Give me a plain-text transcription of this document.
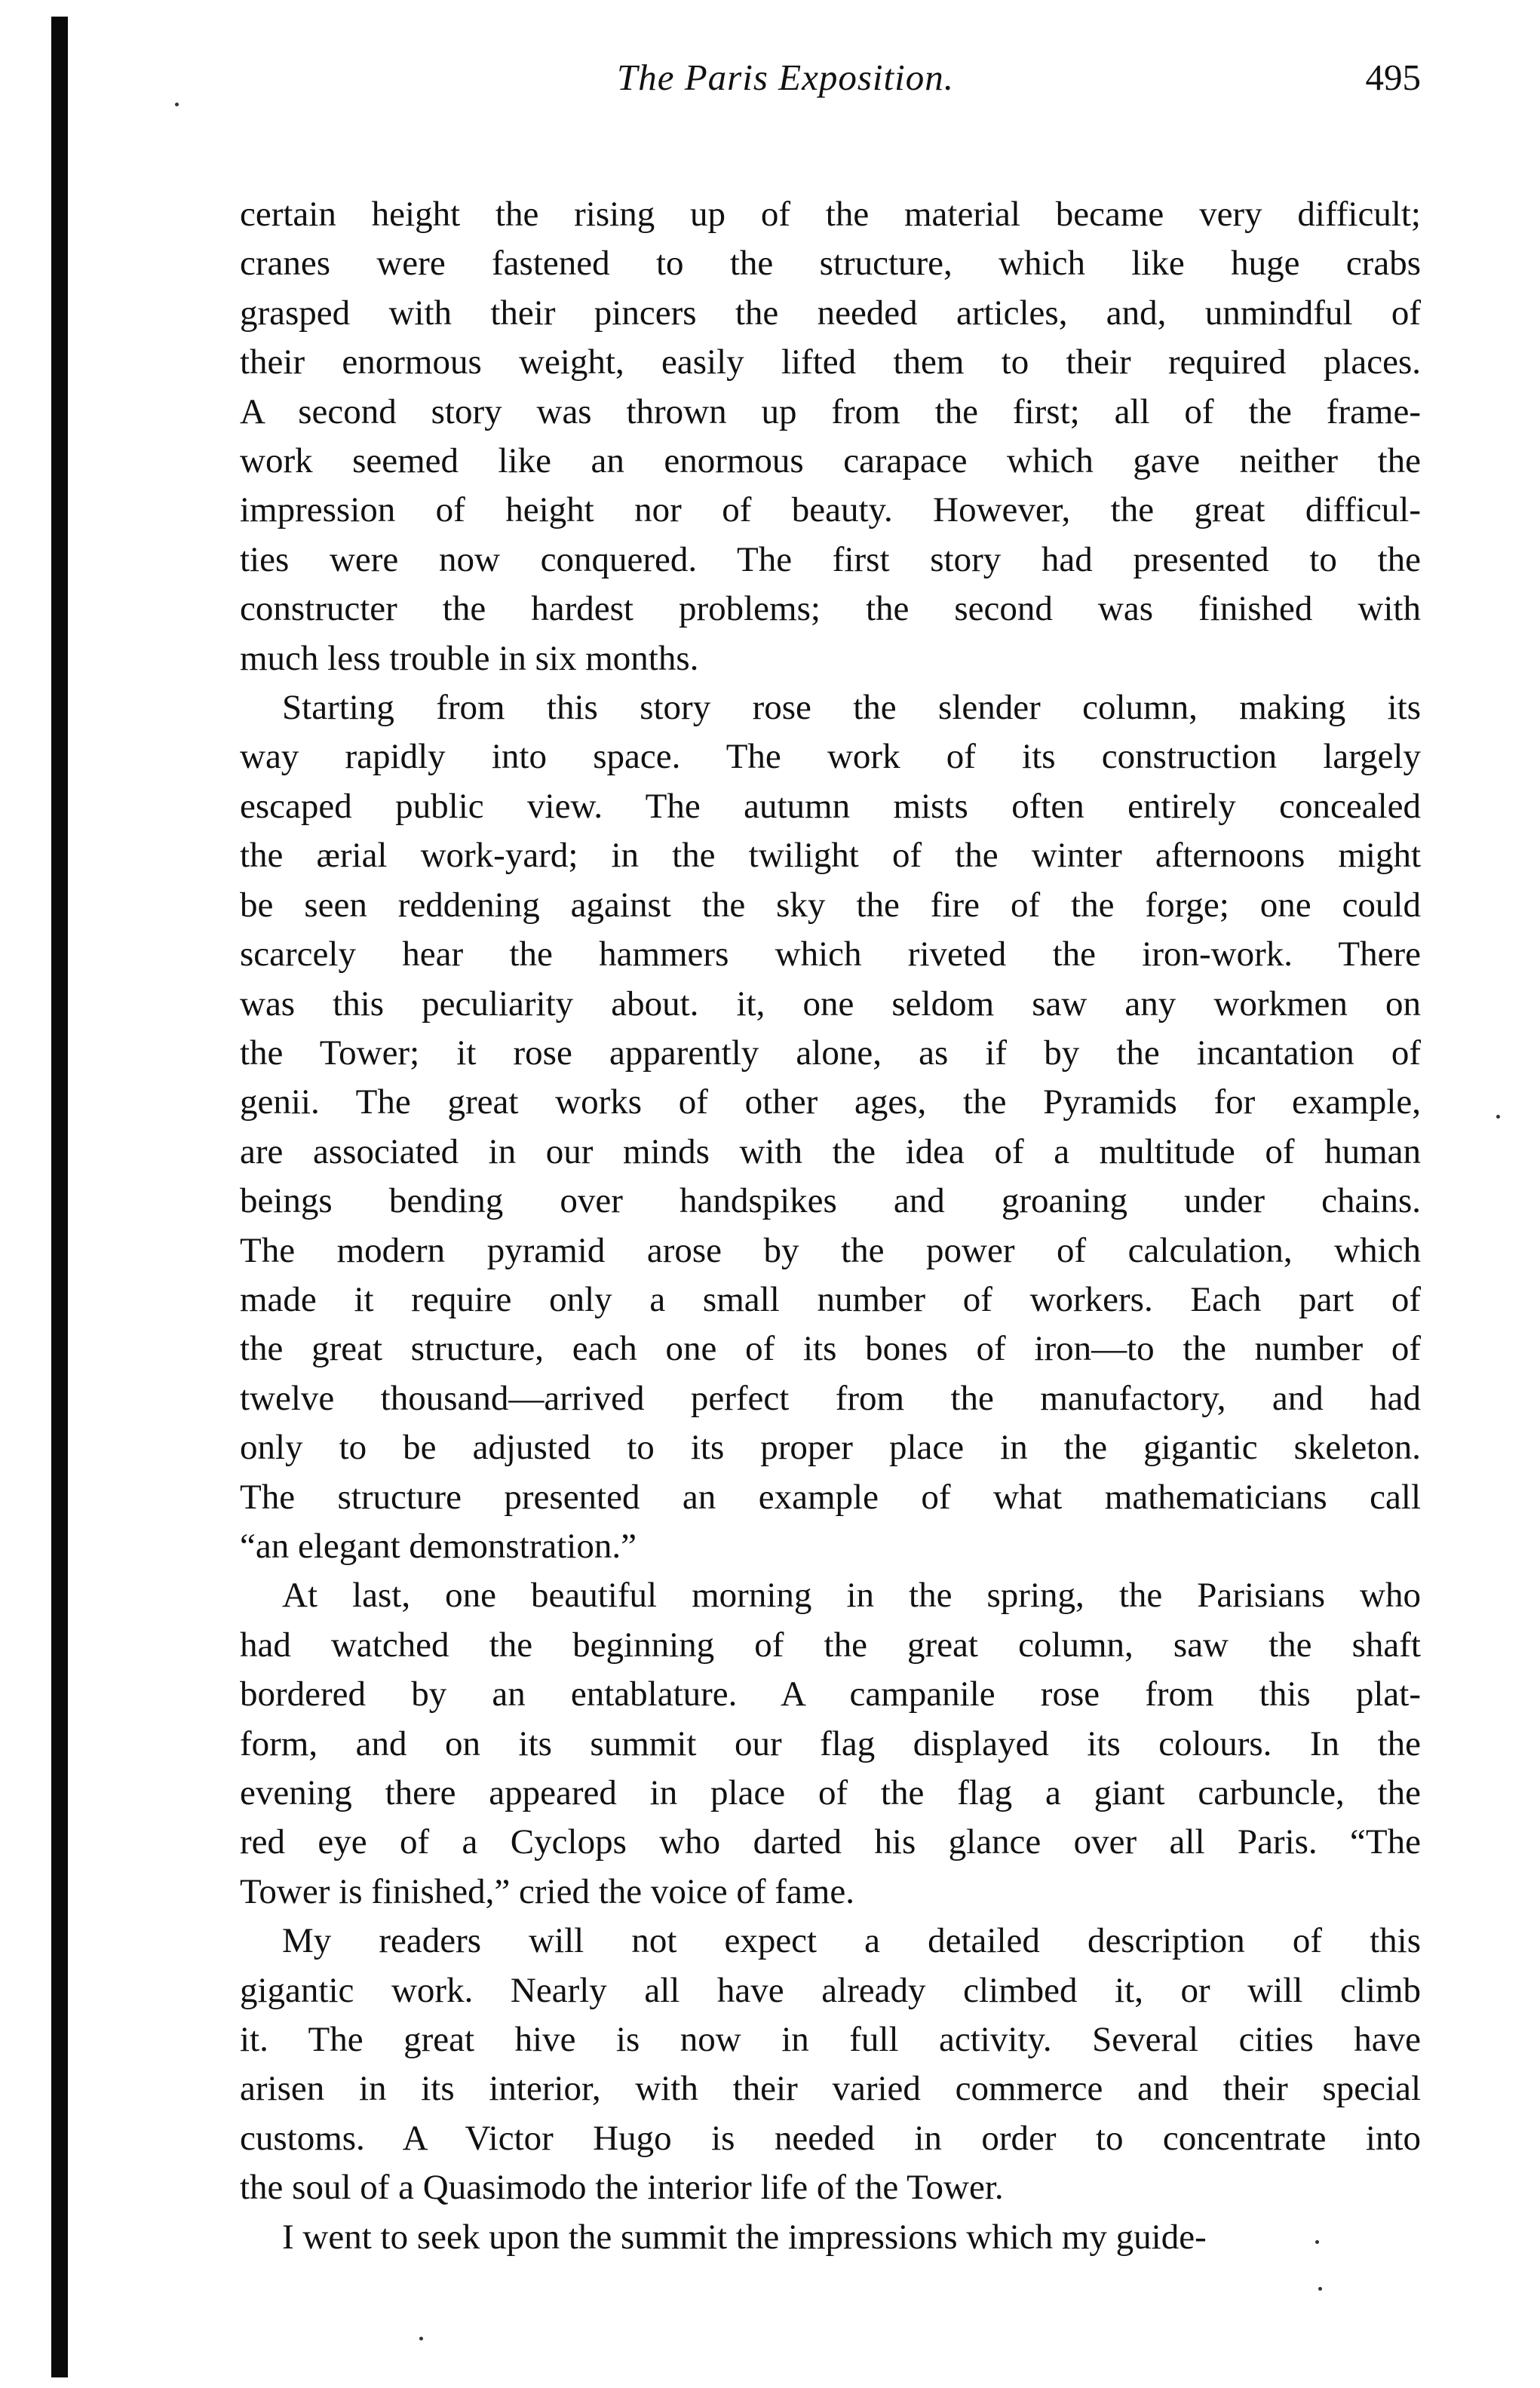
The Paris Exposition.	495
certain height the rising up of the material became very difficult;
cranes were fastened to the structure, which like huge crabs
grasped with their pincers the needed articles, and, unmindful of
their enormous weight, easily lifted them to their required places.
A second story was thrown up from the first; all of the frame-
work seemed like an enormous carapace which gave neither the
impression of height nor of beauty. However, the great difficul-
ties were now conquered. The first story had presented to the
constructer the hardest problems; the second was finished with
much less trouble in six months.
Starting from this story rose the slender column, making its
way rapidly into space. The work of its construction largely
escaped public view. The autumn mists often entirely concealed
the ærial work-yard; in the twilight of the winter afternoons might
be seen reddening against the sky the fire of the forge; one could
scarcely hear the hammers which riveted the iron-work. There
was this peculiarity about. it, one seldom saw any workmen on
the Tower; it rose apparently alone, as if by the incantation of
genii. The great works of other ages, the Pyramids for example,
are associated in our minds with the idea of a multitude of human
beings bending over handspikes and groaning under chains.
The modern pyramid arose by the power of calculation, which
made it require only a small number of workers. Each part of
the great structure, each one of its bones of iron—to the number of
twelve thousand—arrived perfect from the manufactory, and had
only to be adjusted to its proper place in the gigantic skeleton.
The structure presented an example of what mathematicians call
“an elegant demonstration.”
At last, one beautiful morning in the spring, the Parisians who
had watched the beginning of the great column, saw the shaft
bordered by an entablature. A campanile rose from this plat-
form, and on its summit our flag displayed its colours. In the
evening there appeared in place of the flag a giant carbuncle, the
red eye of a Cyclops who darted his glance over all Paris. “The
Tower is finished,” cried the voice of fame.
My readers will not expect a detailed description of this
gigantic work. Nearly all have already climbed it, or will climb
it. The great hive is now in full activity. Several cities have
arisen in its interior, with their varied commerce and their special
customs. A Victor Hugo is needed in order to concentrate into
the soul of a Quasimodo the interior life of the Tower.
I went to seek upon the summit the impressions which my guide-
